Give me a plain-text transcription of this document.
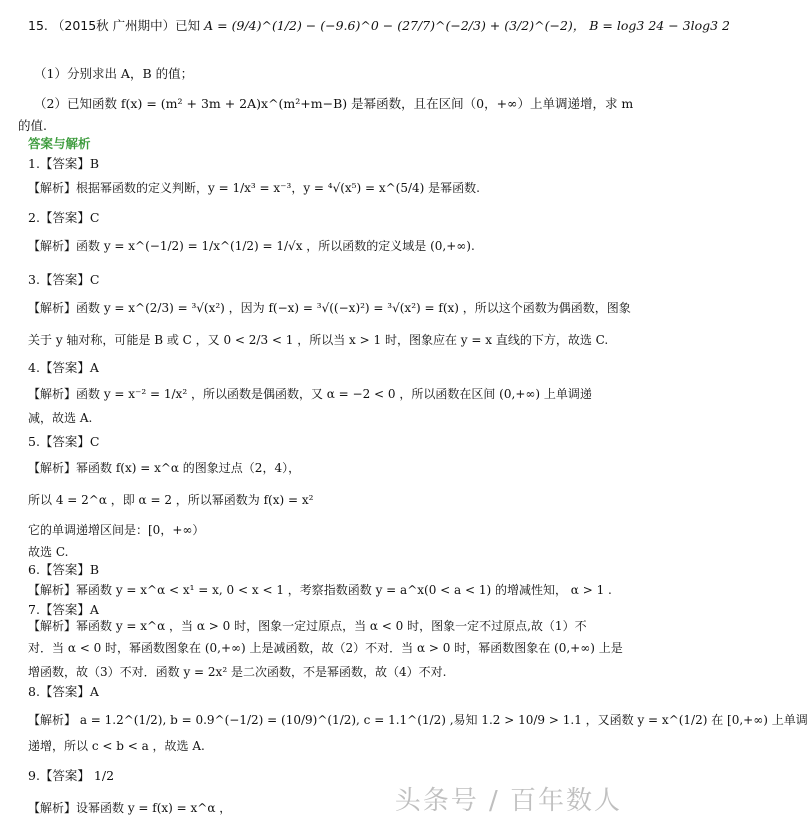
15. （2015秋 广州期中）已知 A = (9/4)^(1/2) − (−9.6)^0 − (27/7)^(−2/3) + (3/2)^(−2)， B = log3 24 − 3log3 2
（1）分别求出 A，B 的值；
（2）已知函数 f(x) = (m² + 3m + 2A)x^(m²+m−B) 是幂函数，且在区间（0，+∞）上单调递增，求 m
的值.
答案与解析
1.【答案】B
【解析】根据幂函数的定义判断，y = 1/x³ = x⁻³，y = ⁴√(x⁵) = x^(5/4) 是幂函数.
2.【答案】C
【解析】函数 y = x^(−1/2) = 1/x^(1/2) = 1/√x ，所以函数的定义域是 (0,+∞).
3.【答案】C
【解析】函数 y = x^(2/3) = ³√(x²) ，因为 f(−x) = ³√((−x)²) = ³√(x²) = f(x) ，所以这个函数为偶函数，图象
关于 y 轴对称，可能是 B 或 C ，又 0 < 2/3 < 1 ，所以当 x > 1 时，图象应在 y = x 直线的下方，故选 C.
4.【答案】A
【解析】函数 y = x⁻² = 1/x² ，所以函数是偶函数，又 α = −2 < 0 ，所以函数在区间 (0,+∞) 上单调递
减，故选 A.
5.【答案】C
【解析】幂函数 f(x) = x^α 的图象过点（2，4），
所以 4 = 2^α ，即 α = 2 ，所以幂函数为 f(x) = x²
它的单调递增区间是：[0，+∞）
故选 C.
6.【答案】B
【解析】幂函数 y = x^α < x¹ = x, 0 < x < 1 ，考察指数函数 y = a^x(0 < a < 1) 的增减性知， α > 1 .
7.【答案】A
【解析】幂函数 y = x^α ，当 α > 0 时，图象一定过原点，当 α < 0 时，图象一定不过原点,故（1）不
对．当 α < 0 时，幂函数图象在 (0,+∞) 上是减函数，故（2）不对．当 α > 0 时，幂函数图象在 (0,+∞) 上是
增函数，故（3）不对．函数 y = 2x² 是二次函数，不是幂函数，故（4）不对.
8.【答案】A
【解析】 a = 1.2^(1/2), b = 0.9^(−1/2) = (10/9)^(1/2), c = 1.1^(1/2) ,易知 1.2 > 10/9 > 1.1 ，又函数 y = x^(1/2) 在 [0,+∞) 上单调
递增，所以 c < b < a ，故选 A.
9.【答案】 1/2
【解析】设幂函数 y = f(x) = x^α ，	头条号 / 百年数人
